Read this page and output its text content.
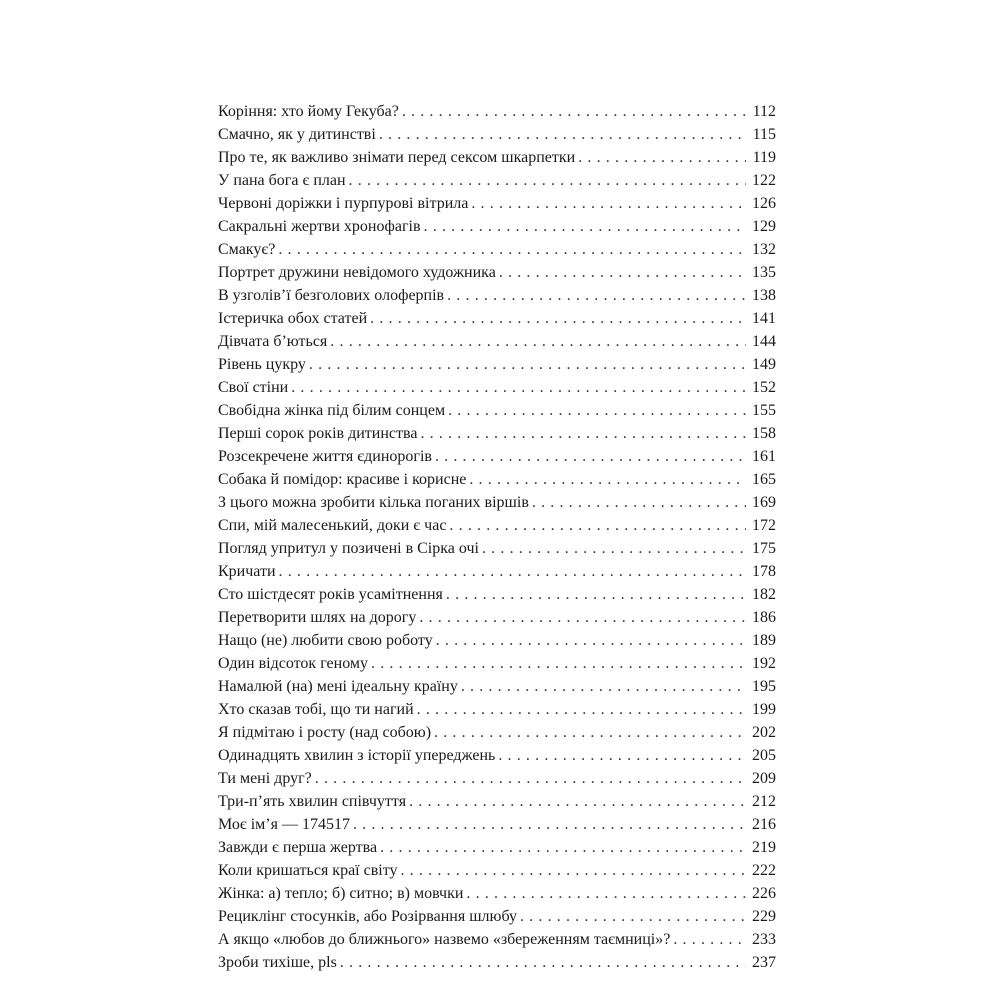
Коріння: хто йому Гекуба? . . .	112
Смачно, як у дитинстві . . .	115
Про те, як важливо знімати перед сексом шкарпетки . . .	119
У пана бога є план . . .	122
Червоні доріжки і пурпурові вітрила . . .	126
Сакральні жертви хронофагів . . .	129
Смакує? . . .	132
Портрет дружини невідомого художника . . .	135
В узголів’ї безголових олоферпів . . .	138
Істеричка обох статей . . .	141
Дівчата б’ються . . .	144
Рівень цукру . . .	149
Свої стіни . . .	152
Свобідна жінка під білим сонцем . . .	155
Перші сорок років дитинства . . .	158
Розсекречене життя єдинорогів . . .	161
Собака й помідор: красиве і корисне . . .	165
З цього можна зробити кілька поганих віршів . . .	169
Спи, мій малесенький, доки є час . . .	172
Погляд упритул у позичені в Сірка очі . . .	175
Кричати . . .	178
Сто шістдесят років усамітнення . . .	182
Перетворити шлях на дорогу . . .	186
Нащо (не) любити свою роботу . . .	189
Один відсоток геному . . .	192
Намалюй (на) мені ідеальну країну . . .	195
Хто сказав тобі, що ти нагий . . .	199
Я підмітаю і росту (над собою) . . .	202
Одинадцять хвилин з історії упереджень . . .	205
Ти мені друг? . . .	209
Три-п’ять хвилин співчуття . . .	212
Моє ім’я — 174517 . . .	216
Завжди є перша жертва . . .	219
Коли кришаться краї світу . . .	222
Жінка: а) тепло; б) ситно; в) мовчки . . .	226
Рециклінг стосунків, або Розірвання шлюбу . . .	229
А якщо «любов до ближнього» назвемо «збереженням таємниці»? . . .	233
Зроби тихіше, pls . . .	237
